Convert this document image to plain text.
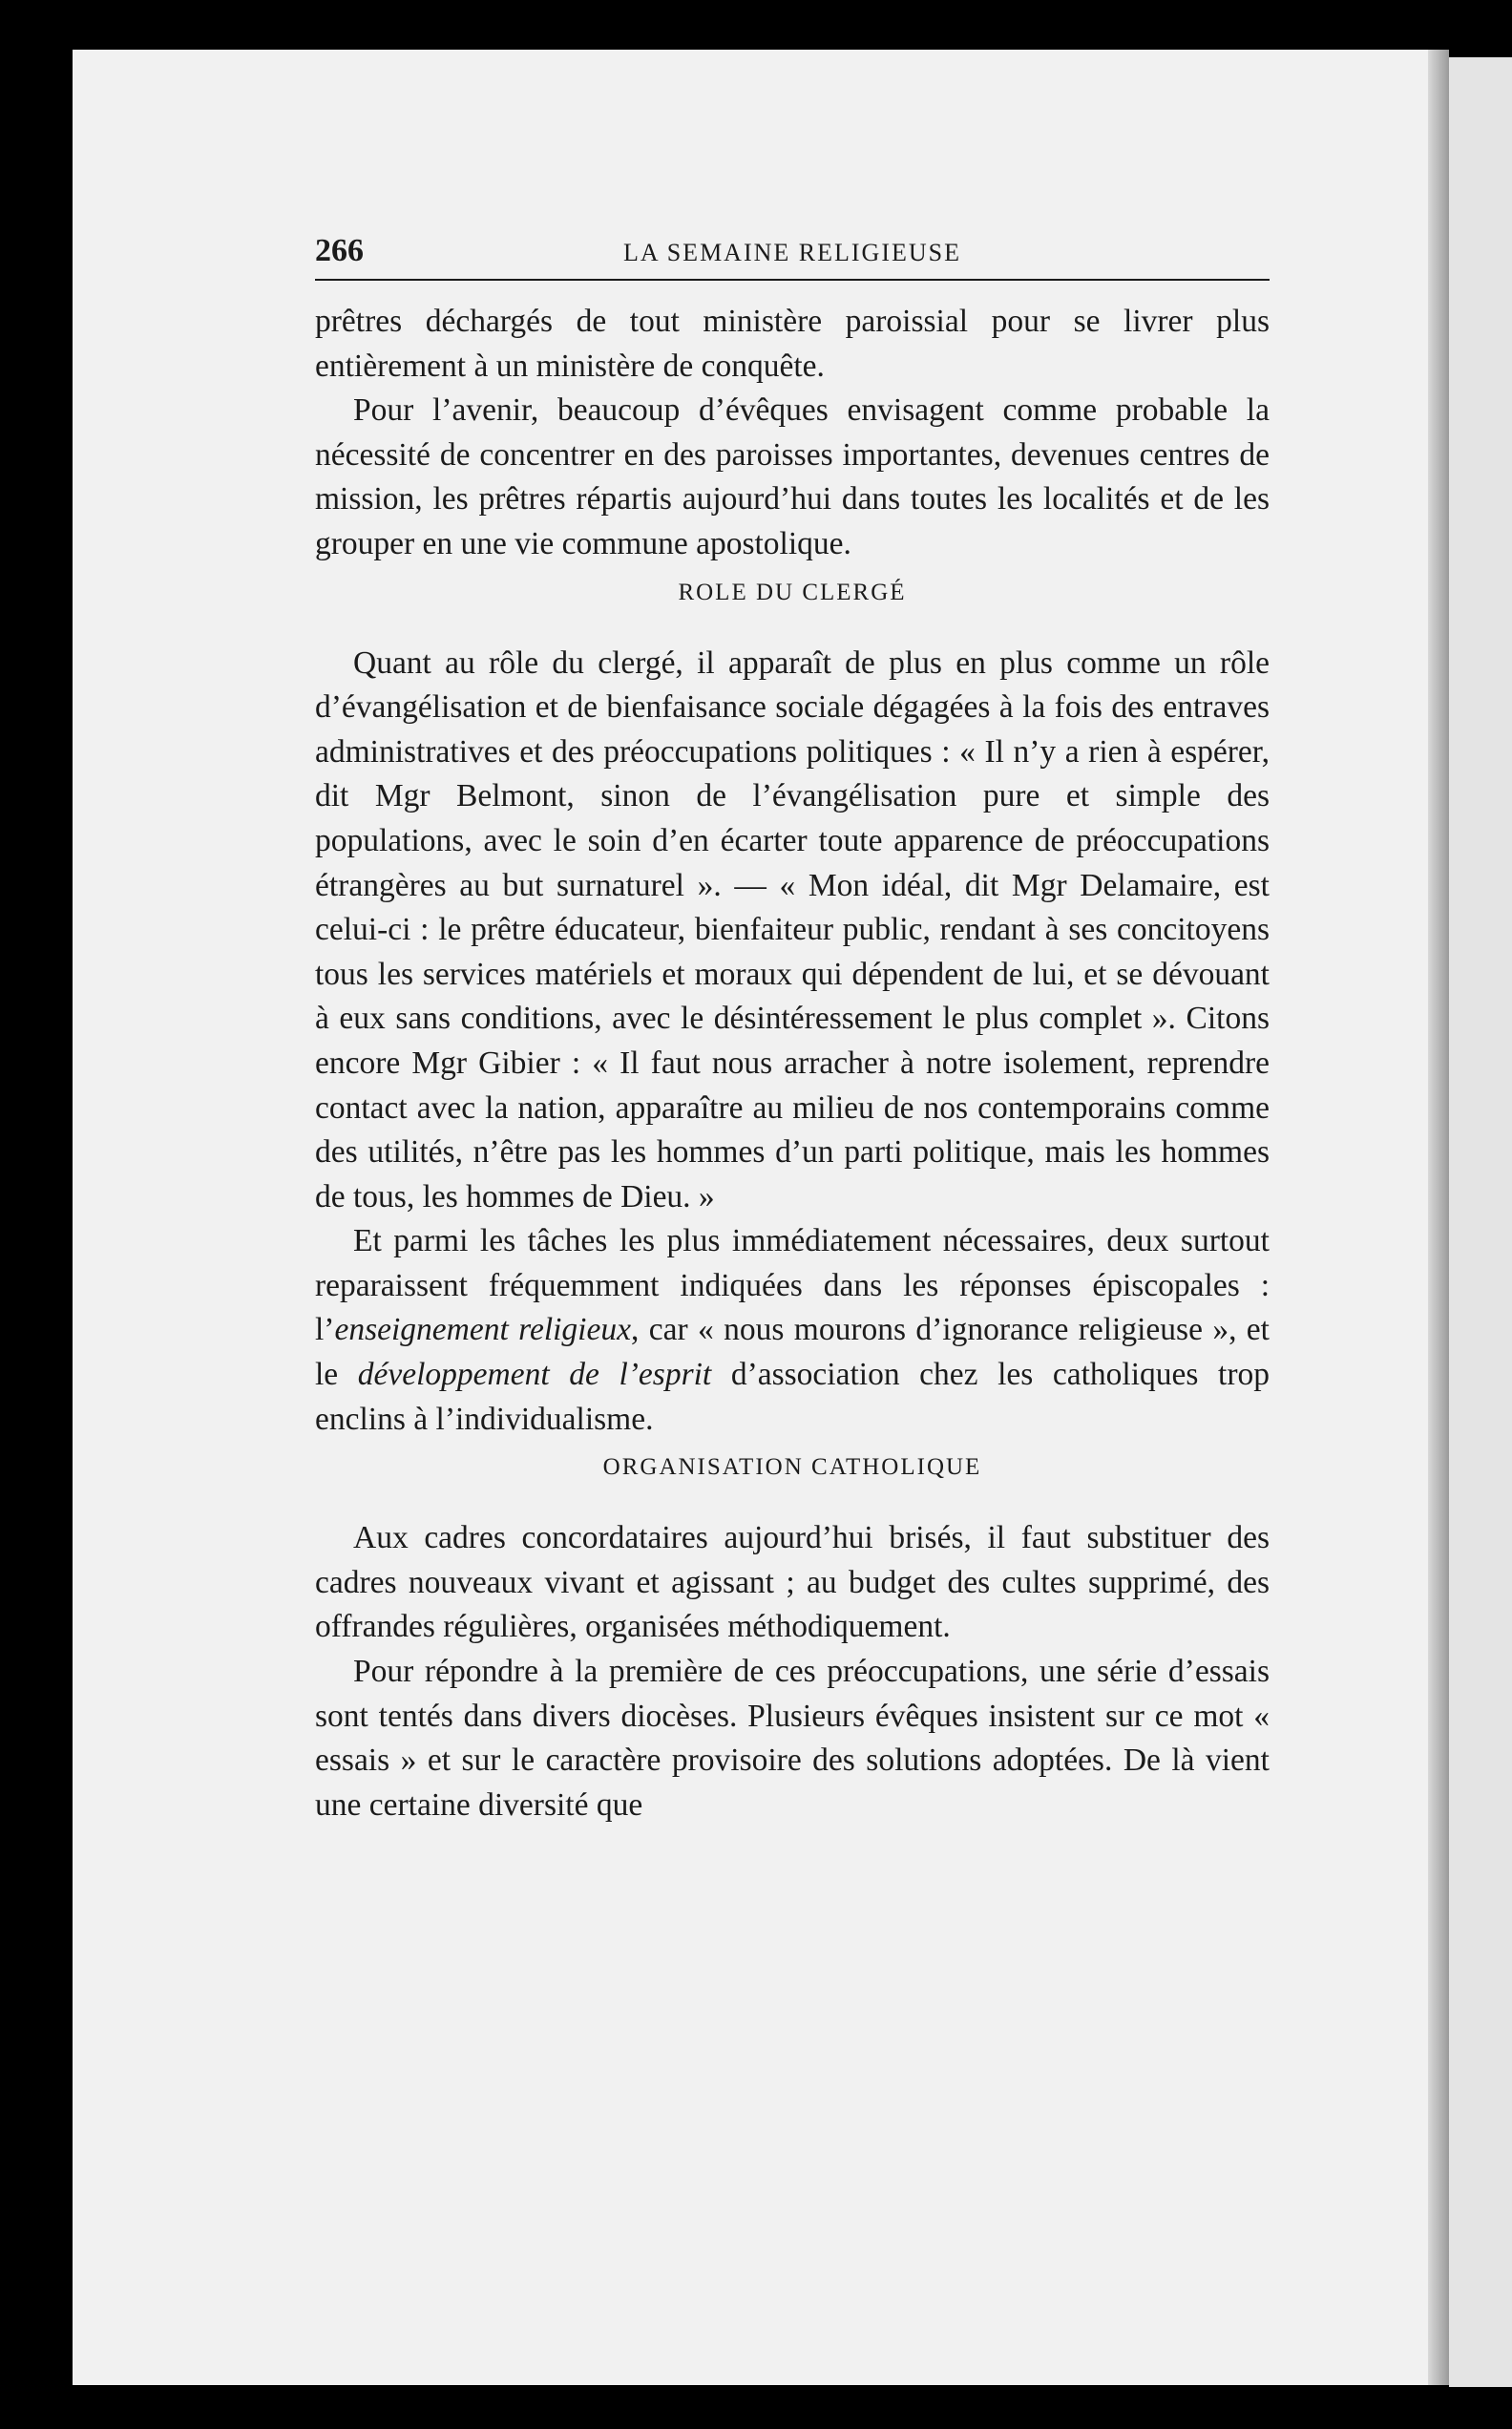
266	LA SEMAINE RELIGIEUSE

prêtres déchargés de tout ministère paroissial pour se livrer plus entièrement à un ministère de conquête.

Pour l’avenir, beaucoup d’évêques envisagent comme probable la nécessité de concentrer en des paroisses importantes, devenues centres de mission, les prêtres répartis aujourd’hui dans toutes les localités et de les grouper en une vie commune apostolique.

ROLE DU CLERGÉ

Quant au rôle du clergé, il apparaît de plus en plus comme un rôle d’évangélisation et de bienfaisance sociale dégagées à la fois des entraves administratives et des préoccupations politiques : « Il n’y a rien à espérer, dit Mgr Belmont, sinon de l’évangélisation pure et simple des populations, avec le soin d’en écarter toute apparence de préoccupations étrangères au but surnaturel ». — « Mon idéal, dit Mgr Delamaire, est celui-ci : le prêtre éducateur, bienfaiteur public, rendant à ses concitoyens tous les services matériels et moraux qui dépendent de lui, et se dévouant à eux sans conditions, avec le désintéressement le plus complet ». Citons encore Mgr Gibier : « Il faut nous arracher à notre isolement, reprendre contact avec la nation, apparaître au milieu de nos contemporains comme des utilités, n’être pas les hommes d’un parti politique, mais les hommes de tous, les hommes de Dieu. »

Et parmi les tâches les plus immédiatement nécessaires, deux surtout reparaissent fréquemment indiquées dans les réponses épiscopales : l’enseignement religieux, car « nous mourons d’ignorance religieuse », et le développement de l’esprit d’association chez les catholiques trop enclins à l’individualisme.

ORGANISATION CATHOLIQUE

Aux cadres concordataires aujourd’hui brisés, il faut substituer des cadres nouveaux vivant et agissant ; au budget des cultes supprimé, des offrandes régulières, organisées méthodiquement.

Pour répondre à la première de ces préoccupations, une série d’essais sont tentés dans divers diocèses. Plusieurs évêques insistent sur ce mot « essais » et sur le caractère provisoire des solutions adoptées. De là vient une certaine diversité que
